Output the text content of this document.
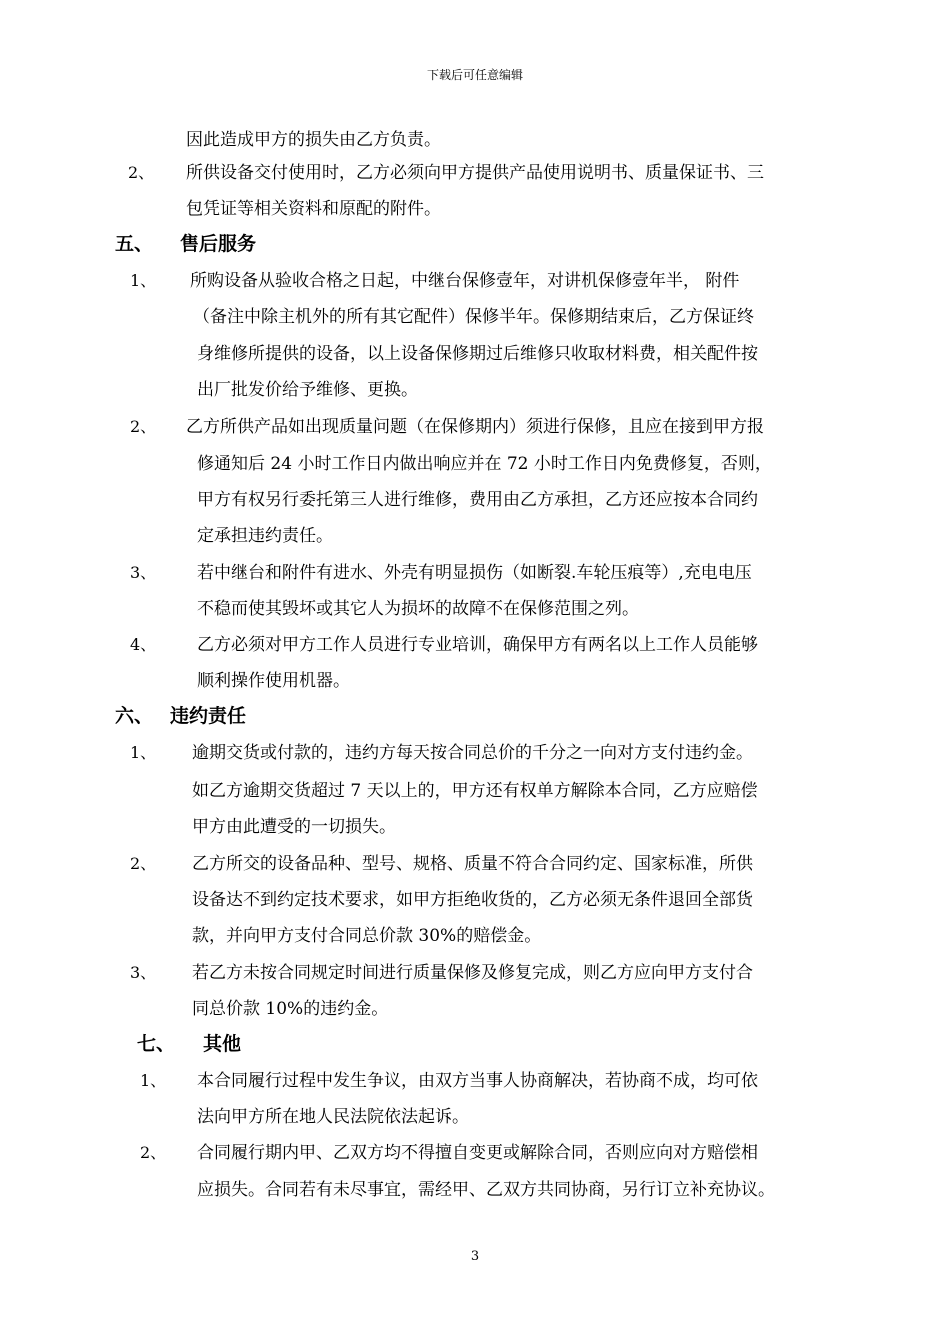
下载后可任意编辑
因此造成甲方的损失由乙方负责。
2、 所供设备交付使用时，乙方必须向甲方提供产品使用说明书、质量保证书、三
包凭证等相关资料和原配的附件。
五、 售后服务
1、 所购设备从验收合格之日起，中继台保修壹年，对讲机保修壹年半， 附件
（备注中除主机外的所有其它配件）保修半年。保修期结束后，乙方保证终
身维修所提供的设备，以上设备保修期过后维修只收取材料费，相关配件按
出厂批发价给予维修、更换。
2、 乙方所供产品如出现质量问题（在保修期内）须进行保修，且应在接到甲方报
修通知后 24 小时工作日内做出响应并在 72 小时工作日内免费修复，否则，
甲方有权另行委托第三人进行维修，费用由乙方承担，乙方还应按本合同约
定承担违约责任。
3、 若中继台和附件有进水、外壳有明显损伤（如断裂.车轮压痕等）,充电电压
不稳而使其毁坏或其它人为损坏的故障不在保修范围之列。
4、 乙方必须对甲方工作人员进行专业培训，确保甲方有两名以上工作人员能够
顺利操作使用机器。
六、 违约责任
1、 逾期交货或付款的，违约方每天按合同总价的千分之一向对方支付违约金。
如乙方逾期交货超过 7 天以上的，甲方还有权单方解除本合同，乙方应赔偿
甲方由此遭受的一切损失。
2、 乙方所交的设备品种、型号、规格、质量不符合合同约定、国家标准，所供
设备达不到约定技术要求，如甲方拒绝收货的，乙方必须无条件退回全部货
款，并向甲方支付合同总价款 30%的赔偿金。
3、 若乙方未按合同规定时间进行质量保修及修复完成，则乙方应向甲方支付合
同总价款 10%的违约金。
七、 其他
1、 本合同履行过程中发生争议，由双方当事人协商解决，若协商不成，均可依
法向甲方所在地人民法院依法起诉。
2、 合同履行期内甲、乙双方均不得擅自变更或解除合同，否则应向对方赔偿相
应损失。合同若有未尽事宜，需经甲、乙双方共同协商，另行订立补充协议。
3
